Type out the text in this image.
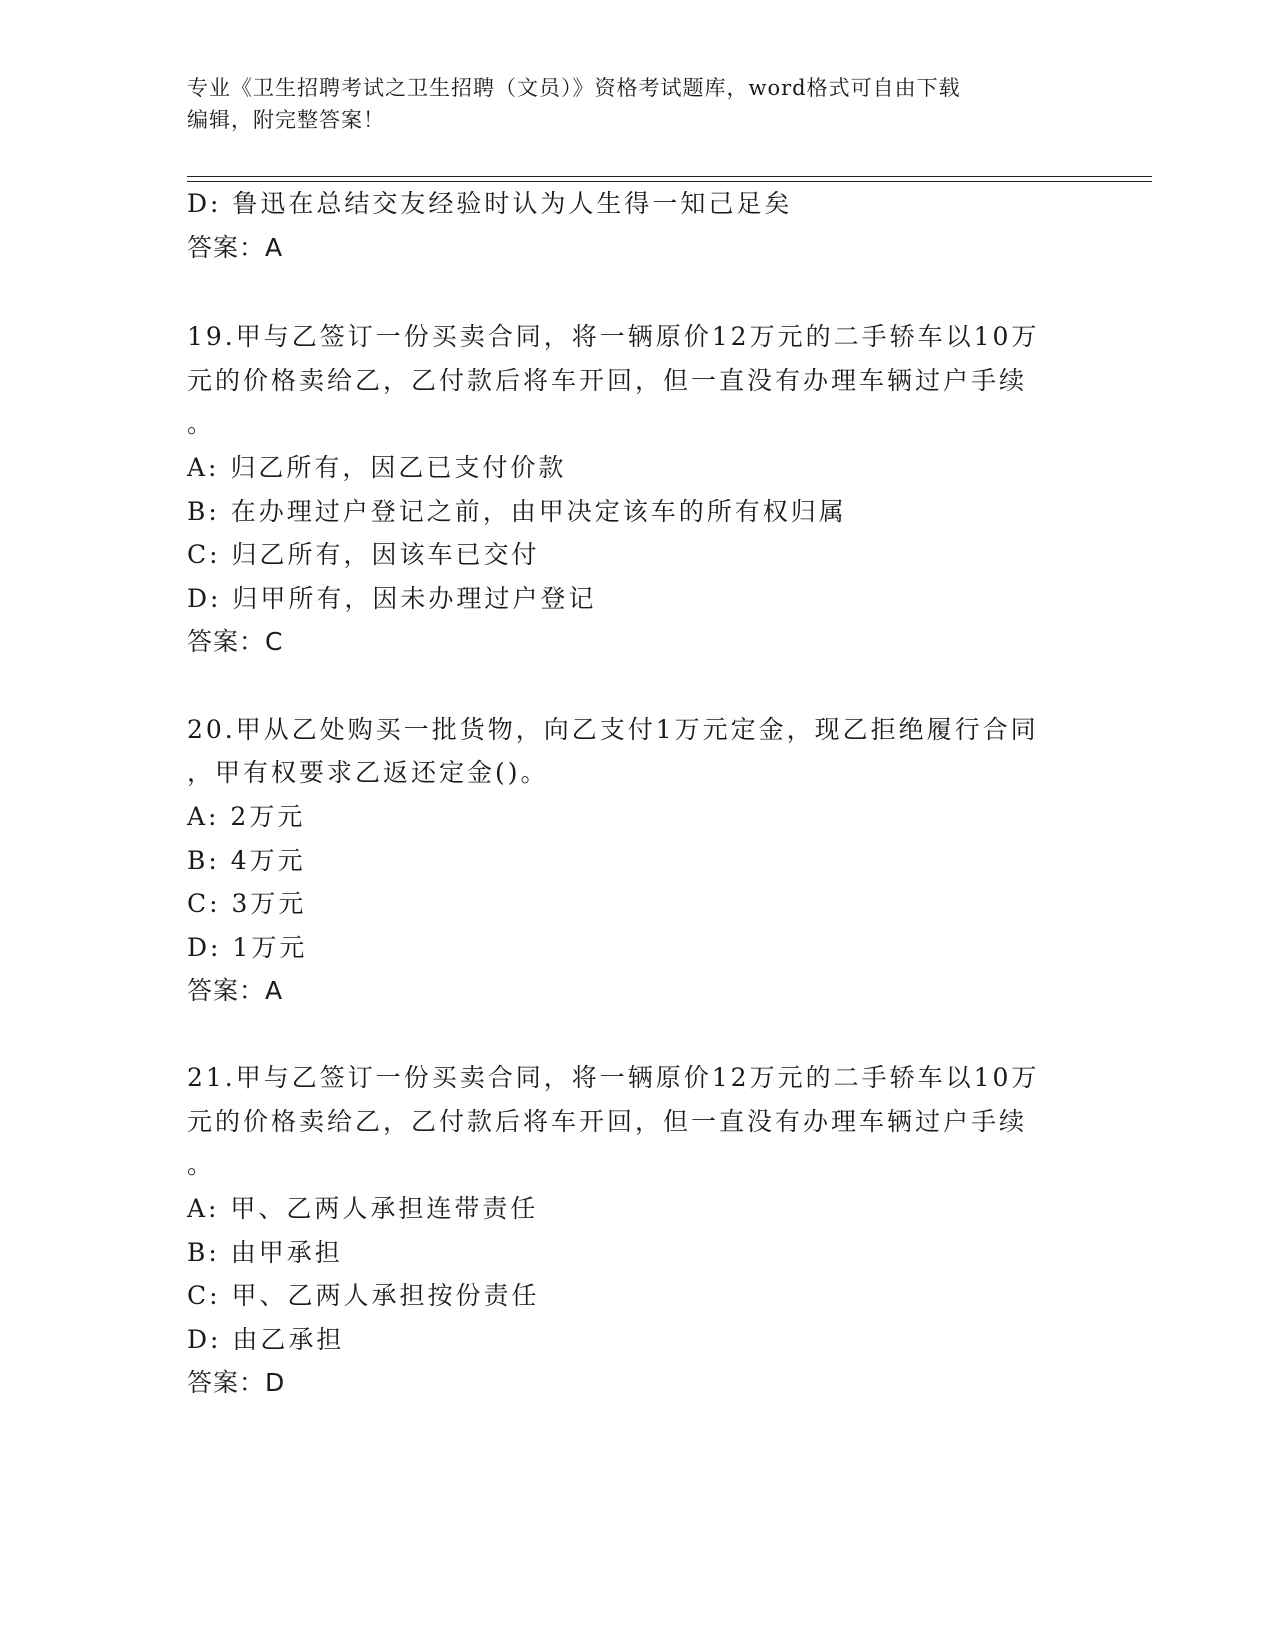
专业《卫生招聘考试之卫生招聘（文员）》资格考试题库，word格式可自由下载
编辑，附完整答案！
D: 鲁迅在总结交友经验时认为人生得一知己足矣
答案：A
19.甲与乙签订一份买卖合同，将一辆原价12万元的二手轿车以10万
元的价格卖给乙，乙付款后将车开回，但一直没有办理车辆过户手续
。
A: 归乙所有，因乙已支付价款
B: 在办理过户登记之前，由甲决定该车的所有权归属
C: 归乙所有，因该车已交付
D: 归甲所有，因未办理过户登记
答案：C
20.甲从乙处购买一批货物，向乙支付1万元定金，现乙拒绝履行合同
，甲有权要求乙返还定金()。
A: 2万元
B: 4万元
C: 3万元
D: 1万元
答案：A
21.甲与乙签订一份买卖合同，将一辆原价12万元的二手轿车以10万
元的价格卖给乙，乙付款后将车开回，但一直没有办理车辆过户手续
。
A: 甲、乙两人承担连带责任
B: 由甲承担
C: 甲、乙两人承担按份责任
D: 由乙承担
答案：D
